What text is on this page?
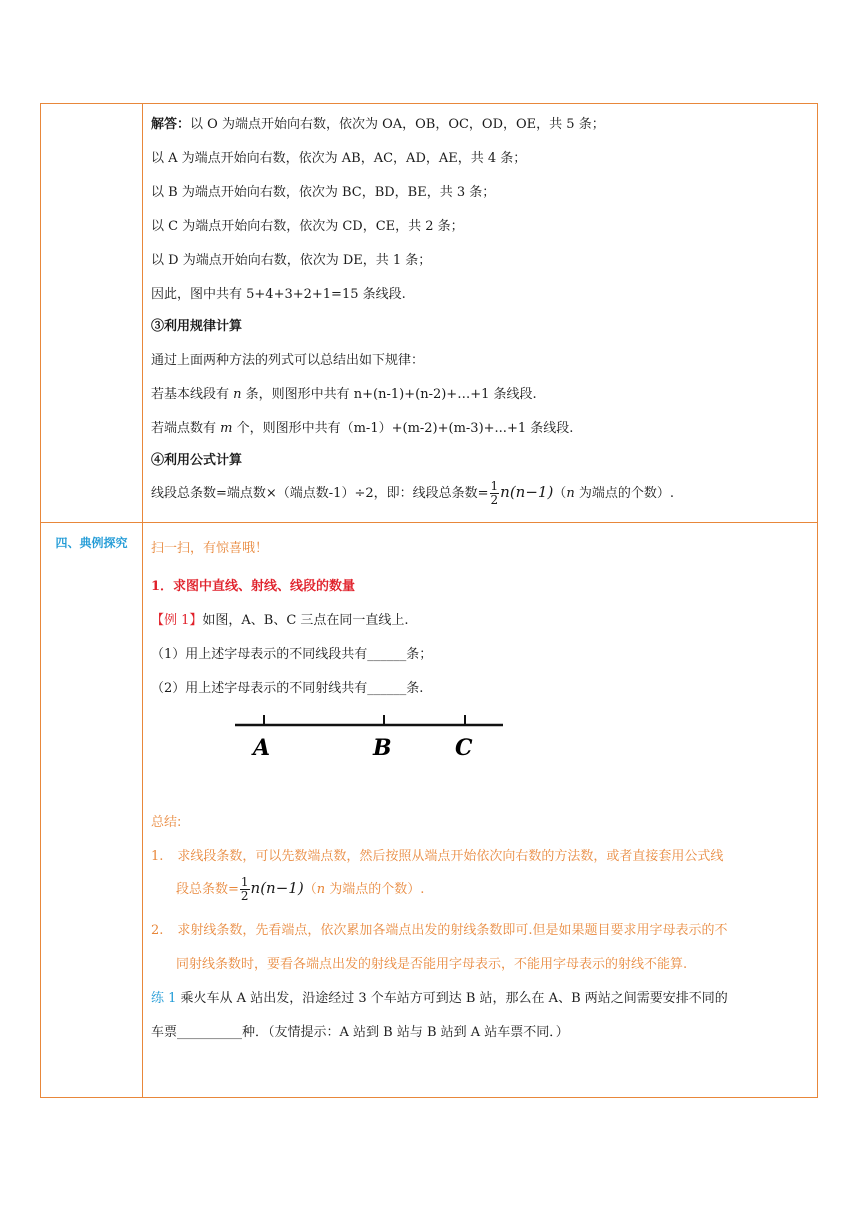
四、典例探究
解答：以 O 为端点开始向右数，依次为 OA，OB，OC，OD，OE，共 5 条；
以 A 为端点开始向右数，依次为 AB，AC，AD，AE，共 4 条；
以 B 为端点开始向右数，依次为 BC，BD，BE，共 3 条；
以 C 为端点开始向右数，依次为 CD，CE，共 2 条；
以 D 为端点开始向右数，依次为 DE，共 1 条；
因此，图中共有 5+4+3+2+1=15 条线段.
③利用规律计算
通过上面两种方法的列式可以总结出如下规律：
若基本线段有 n 条，则图形中共有 n+(n-1)+(n-2)+…+1 条线段.
若端点数有 m 个，则图形中共有（m-1）+(m-2)+(m-3)+...+1 条线段.
④利用公式计算
线段总条数=端点数×（端点数-1）÷2，即：线段总条数= $\frac{1}{2} n(n-1)(n$ 为端点的个数）.
扫一扫，有惊喜哦！
1．求图中直线、射线、线段的数量
【例 1】如图，A、B、C 三点在同一直线上.
（1）用上述字母表示的不同线段共有______条；
（2）用上述字母表示的不同射线共有______条.
A	B	C
总结:
1. 求线段条数，可以先数端点数，然后按照从端点开始依次向右数的方法数，或者直接套用公式线
段总条数= $\frac{1}{2} n(n-1)(n$ 为端点的个数）.
2. 求射线条数，先看端点，依次累加各端点出发的射线条数即可.但是如果题目要求用字母表示的不
同射线条数时，要看各端点出发的射线是否能用字母表示，不能用字母表示的射线不能算.
练 1 乘火车从 A 站出发，沿途经过 3 个车站方可到达 B 站，那么在 A、B 两站之间需要安排不同的
车票__________种．（友情提示：A 站到 B 站与 B 站到 A 站车票不同．）
